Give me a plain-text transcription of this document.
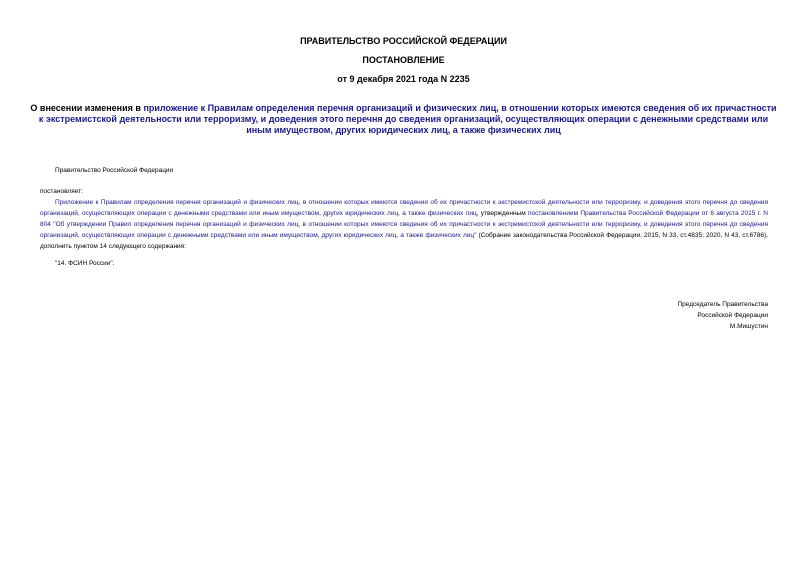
ПРАВИТЕЛЬСТВО РОССИЙСКОЙ ФЕДЕРАЦИИ
ПОСТАНОВЛЕНИЕ
от 9 декабря 2021 года N 2235
О внесении изменения в приложение к Правилам определения перечня организаций и физических лиц, в отношении которых имеются сведения об их причастности к экстремистской деятельности или терроризму, и доведения этого перечня до сведения организаций, осуществляющих операции с денежными средствами или иным имуществом, других юридических лиц, а также физических лиц
Правительство Российской Федерации
постановляет:
Приложение к Правилам определения перечня организаций и физических лиц, в отношении которых имеются сведения об их причастности к экстремистской деятельности или терроризму, и доведения этого перечня до сведения организаций, осуществляющих операции с денежными средствами или иным имуществом, других юридических лиц, а также физических лиц, утвержденным постановлением Правительства Российской Федерации от 6 августа 2015 г. N 804 "Об утверждении Правил определения перечня организаций и физических лиц, в отношении которых имеются сведения об их причастности к экстремистской деятельности или терроризму, и доведения этого перечня до сведения организаций, осуществляющих операции с денежными средствами или иным имуществом, других юридических лиц, а также физических лиц" (Собрание законодательства Российской Федерации, 2015, N 33, ст.4835; 2020, N 43, ст.6786), дополнить пунктом 14 следующего содержания:
"14. ФСИН России".
Председатель Правительства
Российской Федерации
М.Мишустин
